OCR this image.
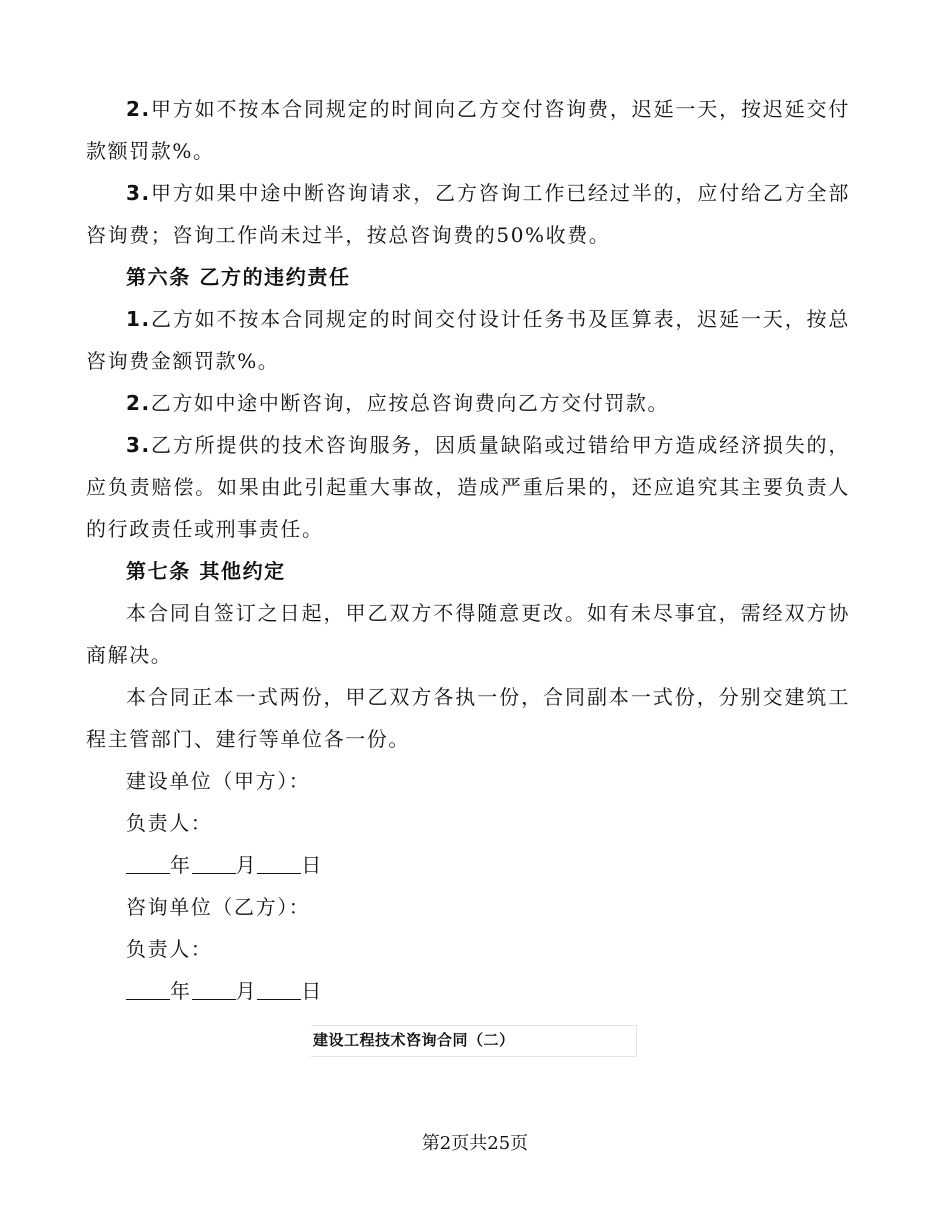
2.甲方如不按本合同规定的时间向乙方交付咨询费，迟延一天，按迟延交付款额罚款%。

3.甲方如果中途中断咨询请求，乙方咨询工作已经过半的，应付给乙方全部咨询费；咨询工作尚未过半，按总咨询费的50%收费。

第六条 乙方的违约责任

1.乙方如不按本合同规定的时间交付设计任务书及匡算表，迟延一天，按总咨询费金额罚款%。

2.乙方如中途中断咨询，应按总咨询费向乙方交付罚款。

3.乙方所提供的技术咨询服务，因质量缺陷或过错给甲方造成经济损失的，应负责赔偿。如果由此引起重大事故，造成严重后果的，还应追究其主要负责人的行政责任或刑事责任。

第七条 其他约定

本合同自签订之日起，甲乙双方不得随意更改。如有未尽事宜，需经双方协商解决。

本合同正本一式两份，甲乙双方各执一份，合同副本一式份，分别交建筑工程主管部门、建行等单位各一份。

建设单位（甲方）：

负责人：

年 月 日

咨询单位（乙方）：

负责人：

年 月 日

建设工程技术咨询合同（二）
第2页共25页
